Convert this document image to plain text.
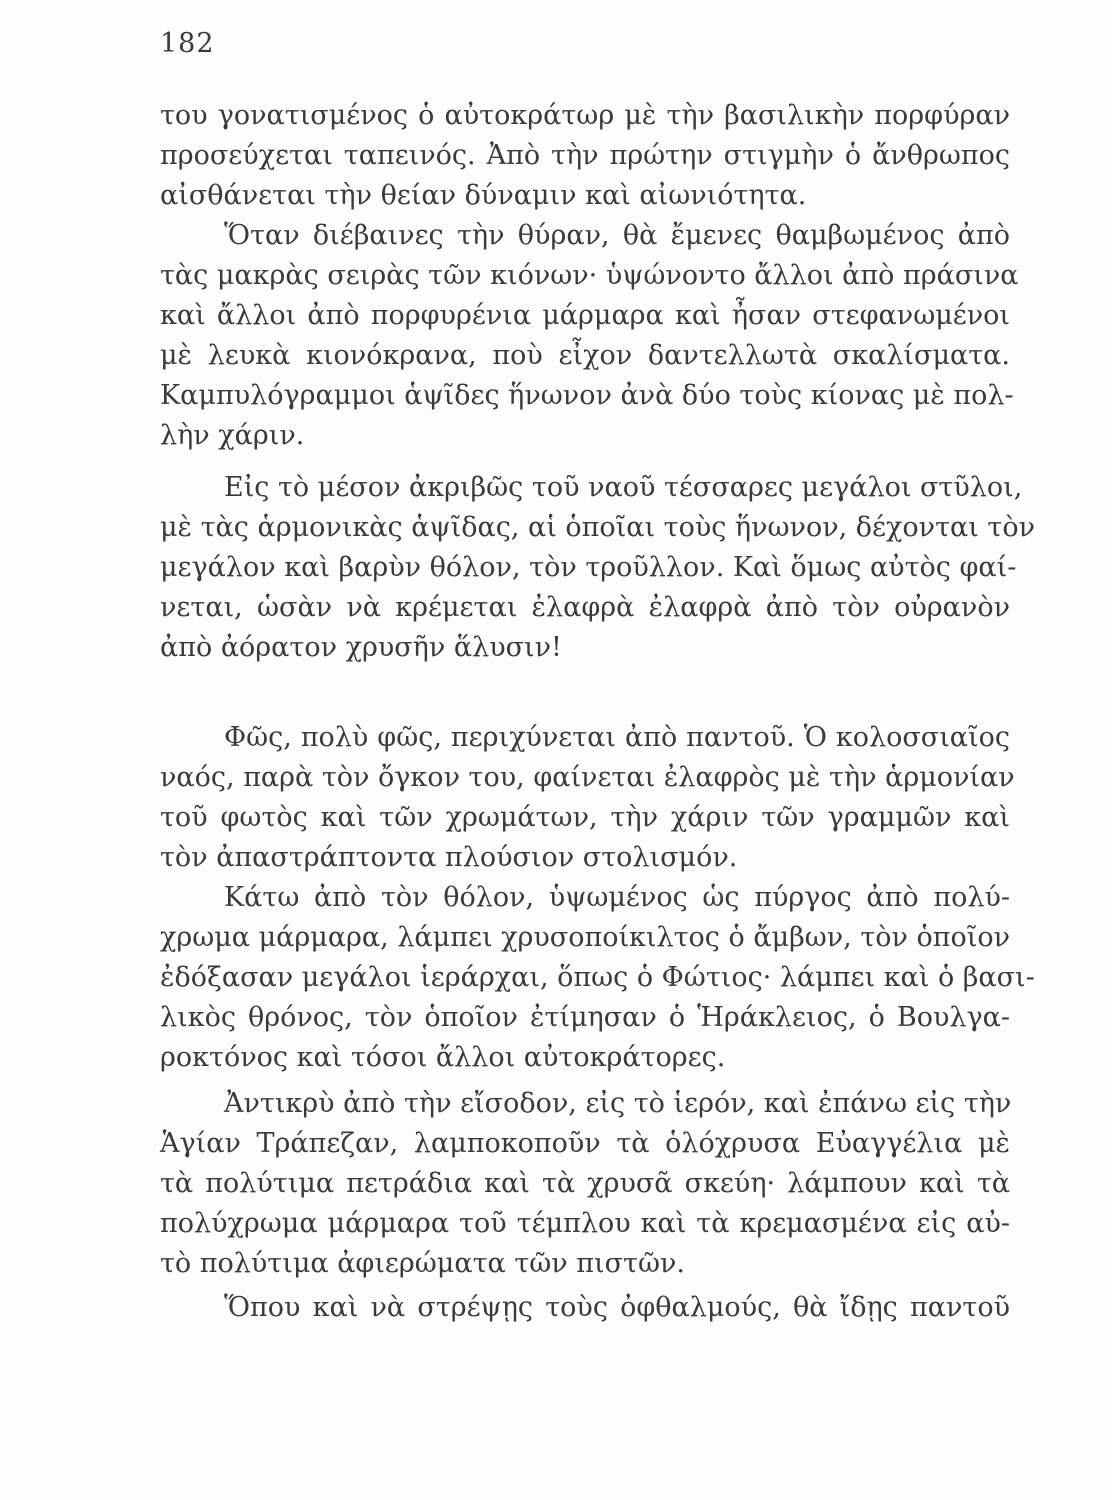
182
του γονατισμένος ὁ αὐτοκράτωρ μὲ τὴν βασιλικὴν πορφύραν
προσεύχεται ταπεινός. Ἀπὸ τὴν πρώτην στιγμὴν ὁ ἄνθρωπος
αἰσθάνεται τὴν θείαν δύναμιν καὶ αἰωνιότητα.
Ὅταν διέβαινες τὴν θύραν, θὰ ἔμενες θαμβωμένος ἀπὸ
τὰς μακρὰς σειρὰς τῶν κιόνων· ὑψώνοντο ἄλλοι ἀπὸ πράσινα
καὶ ἄλλοι ἀπὸ πορφυρένια μάρμαρα καὶ ἦσαν στεφανωμένοι
μὲ λευκὰ κιονόκρανα, ποὺ εἶχον δαντελλωτὰ σκαλίσματα.
Καμπυλόγραμμοι ἁψῖδες ἥνωνον ἀνὰ δύο τοὺς κίονας μὲ πολ-
λὴν χάριν.
Εἰς τὸ μέσον ἀκριβῶς τοῦ ναοῦ τέσσαρες μεγάλοι στῦλοι,
μὲ τὰς ἁρμονικὰς ἁψῖδας, αἱ ὁποῖαι τοὺς ἥνωνον, δέχονται τὸν
μεγάλον καὶ βαρὺν θόλον, τὸν τροῦλλον. Καὶ ὅμως αὐτὸς φαί-
νεται, ὡσὰν νὰ κρέμεται ἐλαφρὰ ἐλαφρὰ ἀπὸ τὸν οὐρανὸν
ἀπὸ ἀόρατον χρυσῆν ἅλυσιν!
Φῶς, πολὺ φῶς, περιχύνεται ἀπὸ παντοῦ. Ὁ κολοσσιαῖος
ναός, παρὰ τὸν ὄγκον του, φαίνεται ἐλαφρὸς μὲ τὴν ἁρμονίαν
τοῦ φωτὸς καὶ τῶν χρωμάτων, τὴν χάριν τῶν γραμμῶν καὶ
τὸν ἀπαστράπτοντα πλούσιον στολισμόν.
Κάτω ἀπὸ τὸν θόλον, ὑψωμένος ὡς πύργος ἀπὸ πολύ-
χρωμα μάρμαρα, λάμπει χρυσοποίκιλτος ὁ ἄμβων, τὸν ὁποῖον
ἐδόξασαν μεγάλοι ἱεράρχαι, ὅπως ὁ Φώτιος· λάμπει καὶ ὁ βασι-
λικὸς θρόνος, τὸν ὁποῖον ἐτίμησαν ὁ Ἡράκλειος, ὁ Βουλγα-
ροκτόνος καὶ τόσοι ἄλλοι αὐτοκράτορες.
Ἀντικρὺ ἀπὸ τὴν εἴσοδον, εἰς τὸ ἱερόν, καὶ ἐπάνω εἰς τὴν
Ἁγίαν Τράπεζαν, λαμποκοποῦν τὰ ὁλόχρυσα Εὐαγγέλια μὲ
τὰ πολύτιμα πετράδια καὶ τὰ χρυσᾶ σκεύη· λάμπουν καὶ τὰ
πολύχρωμα μάρμαρα τοῦ τέμπλου καὶ τὰ κρεμασμένα εἰς αὐ-
τὸ πολύτιμα ἀφιερώματα τῶν πιστῶν.
Ὅπου καὶ νὰ στρέψῃς τοὺς ὀφθαλμούς, θὰ ἴδῃς παντοῦ
